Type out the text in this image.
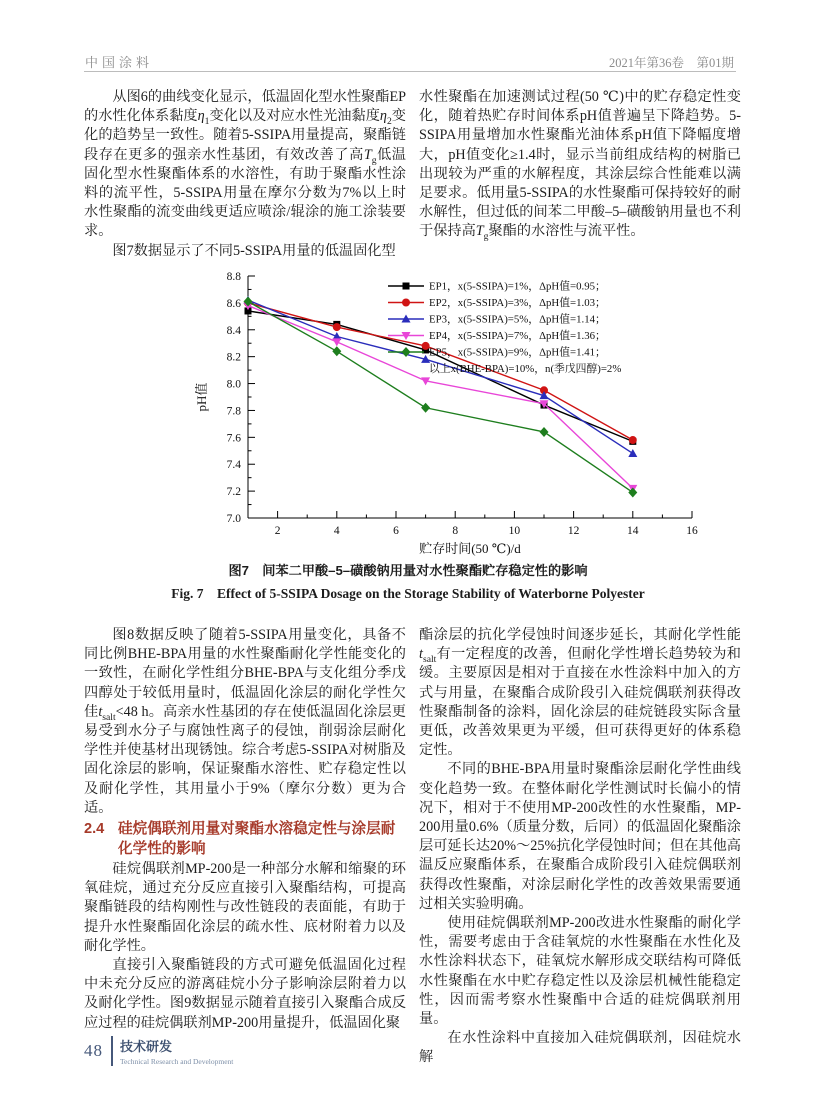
中国涂料	2021年第36卷　第01期

从图6的曲线变化显示，低温固化型水性聚酯EP的水性化体系黏度$\eta_1$变化以及对应水性光油黏度$\eta_2$变化的趋势呈一致性。随着5-SSIPA用量提高，聚酯链段存在更多的强亲水性基团，有效改善了高$T_g$低温固化型水性聚酯体系的水溶性，有助于聚酯水性涂料的流平性，5-SSIPA用量在摩尔分数为7%以上时水性聚酯的流变曲线更适应喷涂/辊涂的施工涂装要求。

图7数据显示了不同5-SSIPA用量的低温固化型

水性聚酯在加速测试过程(50 ℃)中的贮存稳定性变化，随着热贮存时间体系pH值普遍呈下降趋势。5-SSIPA用量增加水性聚酯光油体系pH值下降幅度增大，pH值变化≥1.4时，显示当前组成结构的树脂已出现较为严重的水解程度，其涂层综合性能难以满足要求。低用量5-SSIPA的水性聚酯可保持较好的耐水解性，但过低的间苯二甲酸–5–磺酸钠用量也不利于保持高$T_g$聚酯的水溶性与流平性。

2	4	6	8	10	12	14	16
7.0
7.2
7.4
7.6
7.8
8.0
8.2
8.4
8.6
8.8
贮存时间(50 ℃)/d
pH值
EP1，x(5-SSIPA)=1%，ΔpH值=0.95；
EP2，x(5-SSIPA)=3%，ΔpH值=1.03；
EP3，x(5-SSIPA)=5%，ΔpH值=1.14；
EP4，x(5-SSIPA)=7%，ΔpH值=1.36；
EP5，x(5-SSIPA)=9%，ΔpH值=1.41；
以上x(BHE-BPA)=10%，n(季戊四醇)=2%
图7　间苯二甲酸–5–磺酸钠用量对水性聚酯贮存稳定性的影响
Fig. 7　Effect of 5-SSIPA Dosage on the Storage Stability of Waterborne Polyester

图8数据反映了随着5-SSIPA用量变化，具备不同比例BHE-BPA用量的水性聚酯耐化学性能变化的一致性，在耐化学性组分BHE-BPA与支化组分季戊四醇处于较低用量时，低温固化涂层的耐化学性欠佳$t_{salt}<48$ h。高亲水性基团的存在使低温固化涂层更易受到水分子与腐蚀性离子的侵蚀，削弱涂层耐化学性并使基材出现锈蚀。综合考虑5-SSIPA对树脂及固化涂层的影响，保证聚酯水溶性、贮存稳定性以及耐化学性，其用量小于9%（摩尔分数）更为合适。

2.4 硅烷偶联剂用量对聚酯水溶稳定性与涂层耐化学性的影响

硅烷偶联剂MP-200是一种部分水解和缩聚的环氧硅烷，通过充分反应直接引入聚酯结构，可提高聚酯链段的结构刚性与改性链段的表面能，有助于提升水性聚酯固化涂层的疏水性、底材附着力以及耐化学性。

直接引入聚酯链段的方式可避免低温固化过程中未充分反应的游离硅烷小分子影响涂层附着力以及耐化学性。图9数据显示随着直接引入聚酯合成反应过程的硅烷偶联剂MP-200用量提升，低温固化聚

酯涂层的抗化学侵蚀时间逐步延长，其耐化学性能$t_{salt}$有一定程度的改善，但耐化学性增长趋势较为和缓。主要原因是相对于直接在水性涂料中加入的方式与用量，在聚酯合成阶段引入硅烷偶联剂获得改性聚酯制备的涂料，固化涂层的硅烷链段实际含量更低，改善效果更为平缓，但可获得更好的体系稳定性。

不同的BHE-BPA用量时聚酯涂层耐化学性曲线变化趋势一致。在整体耐化学性测试时长偏小的情况下，相对于不使用MP-200改性的水性聚酯，MP-200用量0.6%（质量分数，后同）的低温固化聚酯涂层可延长达20%～25%抗化学侵蚀时间；但在其他高温反应聚酯体系，在聚酯合成阶段引入硅烷偶联剂获得改性聚酯，对涂层耐化学性的改善效果需要通过相关实验明确。

使用硅烷偶联剂MP-200改进水性聚酯的耐化学性，需要考虑由于含硅氧烷的水性聚酯在水性化及水性涂料状态下，硅氧烷水解形成交联结构可降低水性聚酯在水中贮存稳定性以及涂层机械性能稳定性，因而需考察水性聚酯中合适的硅烷偶联剂用量。

在水性涂料中直接加入硅烷偶联剂，因硅烷水解

48 技术研发
Technical Research and Development
